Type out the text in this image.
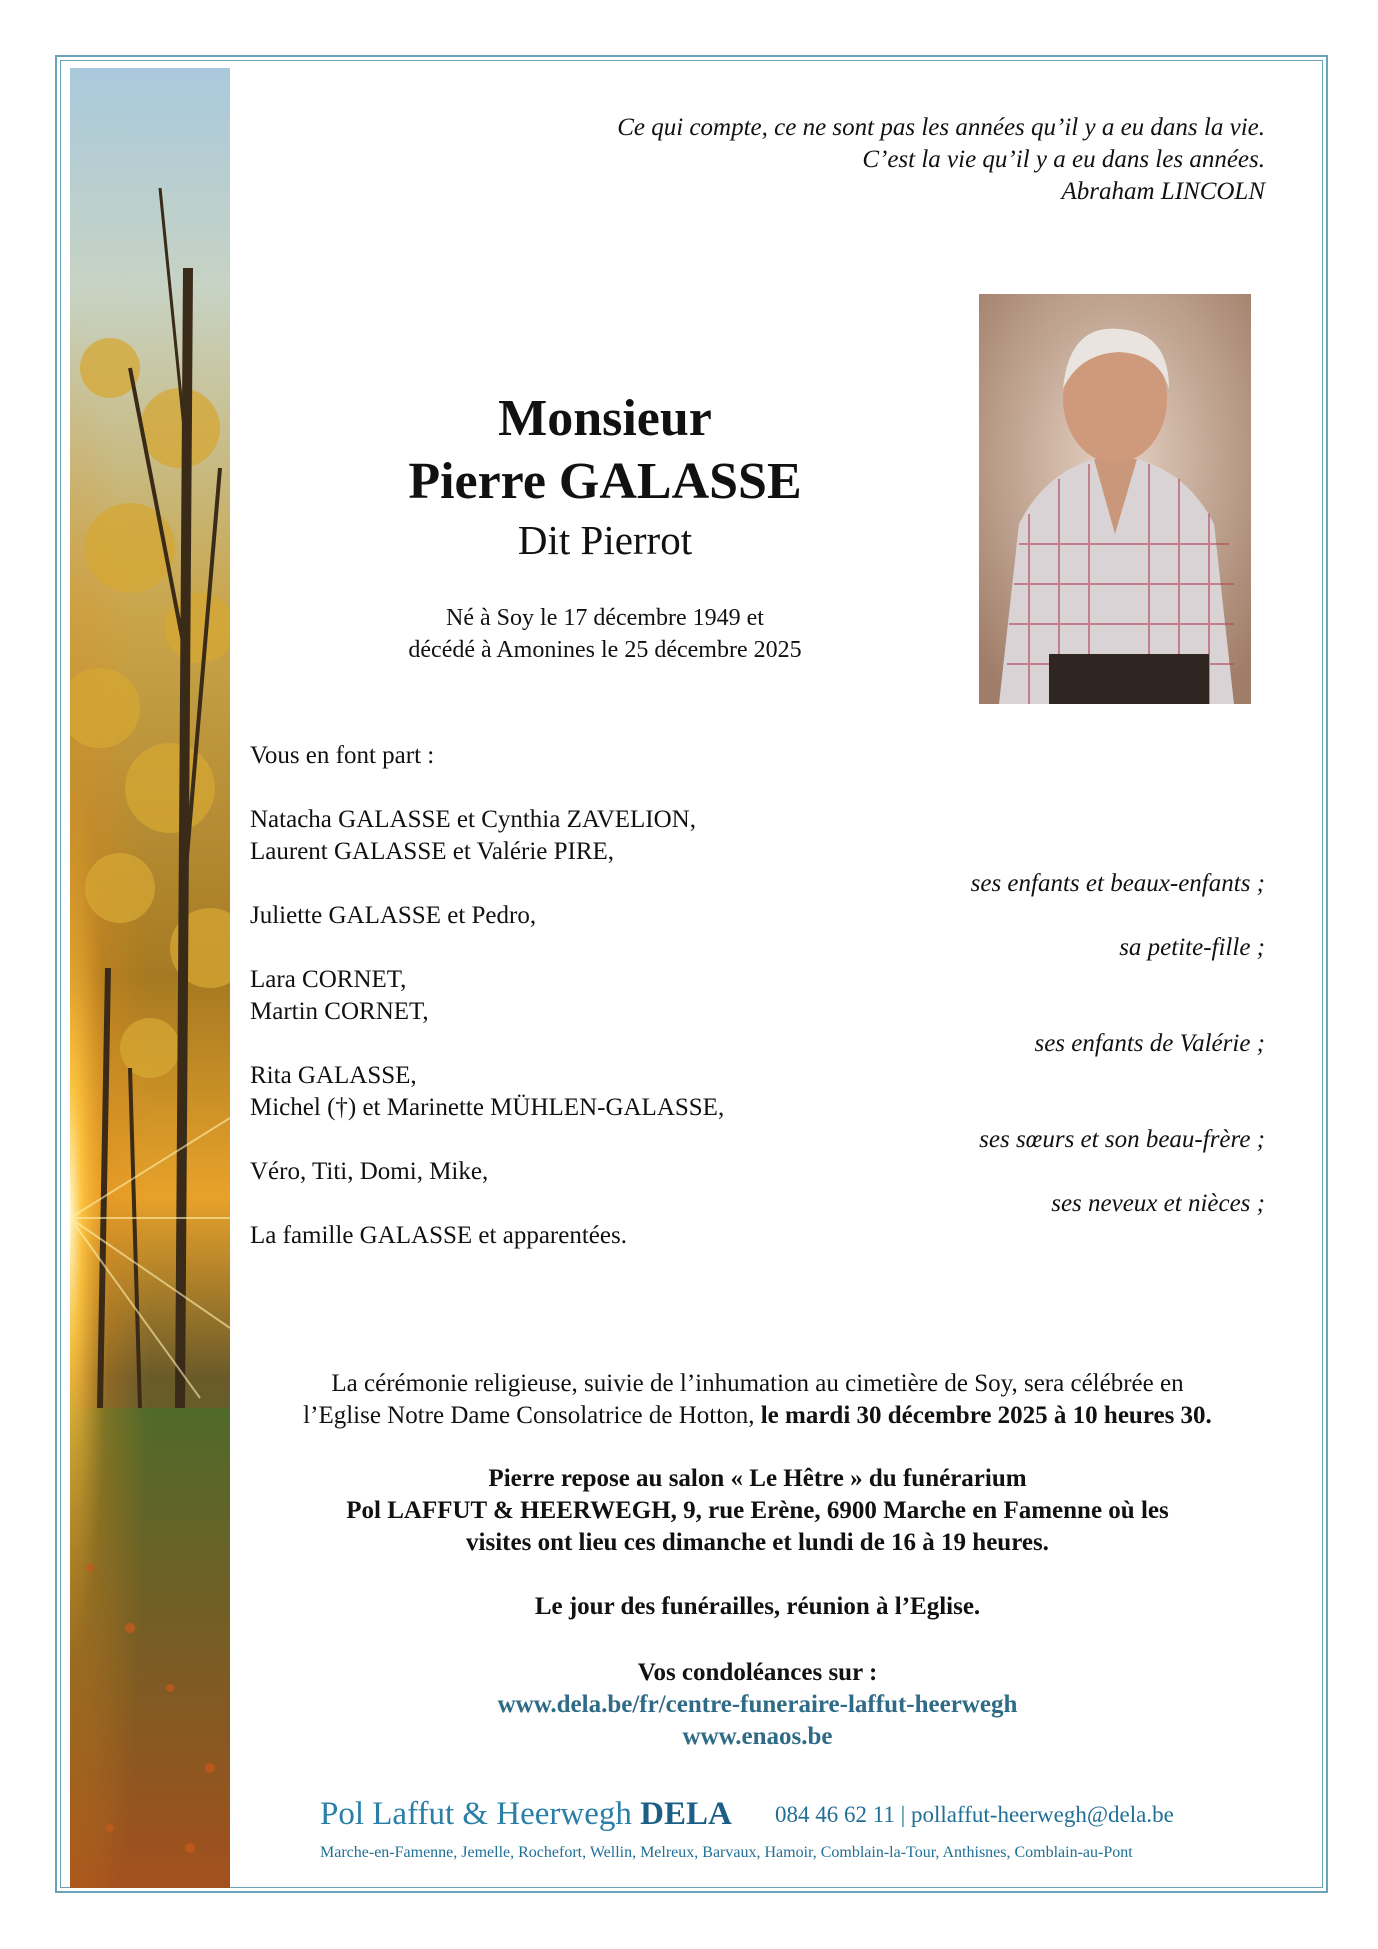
Ce qui compte, ce ne sont pas les années qu’il y a eu dans la vie.
C’est la vie qu’il y a eu dans les années.
Abraham LINCOLN
Monsieur
Pierre GALASSE
Dit Pierrot
Né à Soy le 17 décembre 1949 et
décédé à Amonines le 25 décembre 2025
Vous en font part :
Natacha GALASSE et Cynthia ZAVELION,
Laurent GALASSE et Valérie PIRE,
ses enfants et beaux-enfants ;
Juliette GALASSE et Pedro,
sa petite-fille ;
Lara CORNET,
Martin CORNET,
ses enfants de Valérie ;
Rita GALASSE,
Michel (†) et Marinette MÜHLEN-GALASSE,
ses sœurs et son beau-frère ;
Véro, Titi, Domi, Mike,
ses neveux et nièces ;
La famille GALASSE et apparentées.
La cérémonie religieuse, suivie de l’inhumation au cimetière de Soy, sera célébrée en
l’Eglise Notre Dame Consolatrice de Hotton, le mardi 30 décembre 2025 à 10 heures 30.
Pierre repose au salon « Le Hêtre » du funérarium
Pol LAFFUT & HEERWEGH, 9, rue Erène, 6900 Marche en Famenne où les
visites ont lieu ces dimanche et lundi de 16 à 19 heures.
Le jour des funérailles, réunion à l’Eglise.
Vos condoléances sur :
www.dela.be/fr/centre-funeraire-laffut-heerwegh
www.enaos.be
Pol Laffut & Heerwegh DELA 084 46 62 11 | pollaffut-heerwegh@dela.be
Marche-en-Famenne, Jemelle, Rochefort, Wellin, Melreux, Barvaux, Hamoir, Comblain-la-Tour, Anthisnes, Comblain-au-Pont
